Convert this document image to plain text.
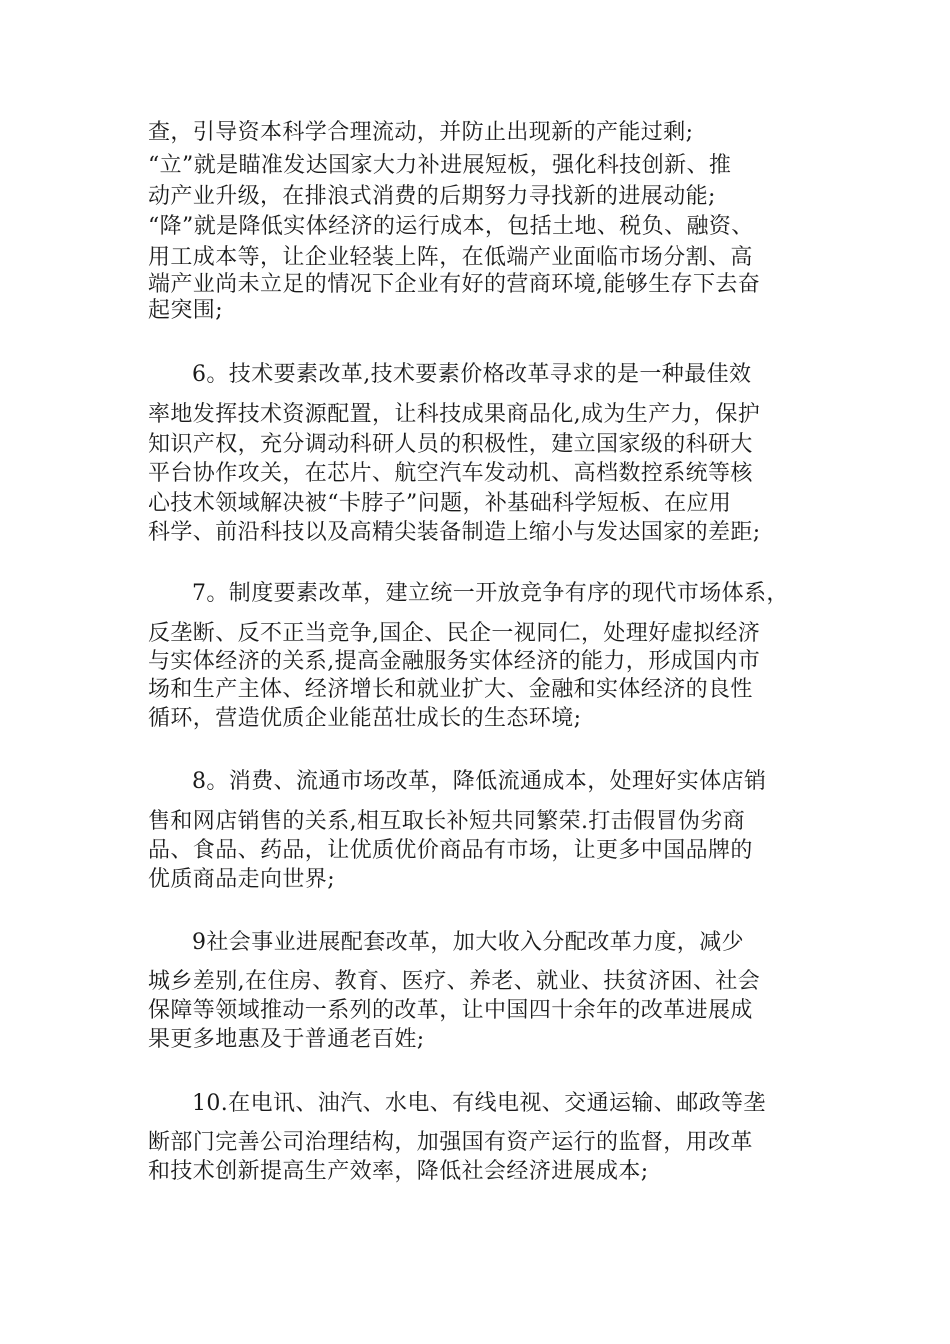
查，引导资本科学合理流动，并防止出现新的产能过剩;

“立”就是瞄准发达国家大力补进展短板，强化科技创新、推

动产业升级，在排浪式消费的后期努力寻找新的进展动能;

“降”就是降低实体经济的运行成本，包括土地、税负、融资、

用工成本等，让企业轻装上阵，在低端产业面临市场分割、高

端产业尚未立足的情况下企业有好的营商环境,能够生存下去奋

起突围;

6。技术要素改革,技术要素价格改革寻求的是一种最佳效

率地发挥技术资源配置，让科技成果商品化,成为生产力，保护

知识产权，充分调动科研人员的积极性，建立国家级的科研大

平台协作攻关，在芯片、航空汽车发动机、高档数控系统等核

心技术领域解决被“卡脖子”问题，补基础科学短板、在应用

科学、前沿科技以及高精尖装备制造上缩小与发达国家的差距;

7。制度要素改革，建立统一开放竞争有序的现代市场体系，

反垄断、反不正当竞争,国企、民企一视同仁，处理好虚拟经济

与实体经济的关系,提高金融服务实体经济的能力，形成国内市

场和生产主体、经济增长和就业扩大、金融和实体经济的良性

循环，营造优质企业能茁壮成长的生态环境;

8。消费、流通市场改革，降低流通成本，处理好实体店销

售和网店销售的关系,相互取长补短共同繁荣.打击假冒伪劣商

品、食品、药品，让优质优价商品有市场，让更多中国品牌的

优质商品走向世界;

9社会事业进展配套改革，加大收入分配改革力度，减少

城乡差别,在住房、教育、医疗、养老、就业、扶贫济困、社会

保障等领域推动一系列的改革，让中国四十余年的改革进展成

果更多地惠及于普通老百姓;

10.在电讯、油汽、水电、有线电视、交通运输、邮政等垄

断部门完善公司治理结构，加强国有资产运行的监督，用改革

和技术创新提高生产效率，降低社会经济进展成本;
